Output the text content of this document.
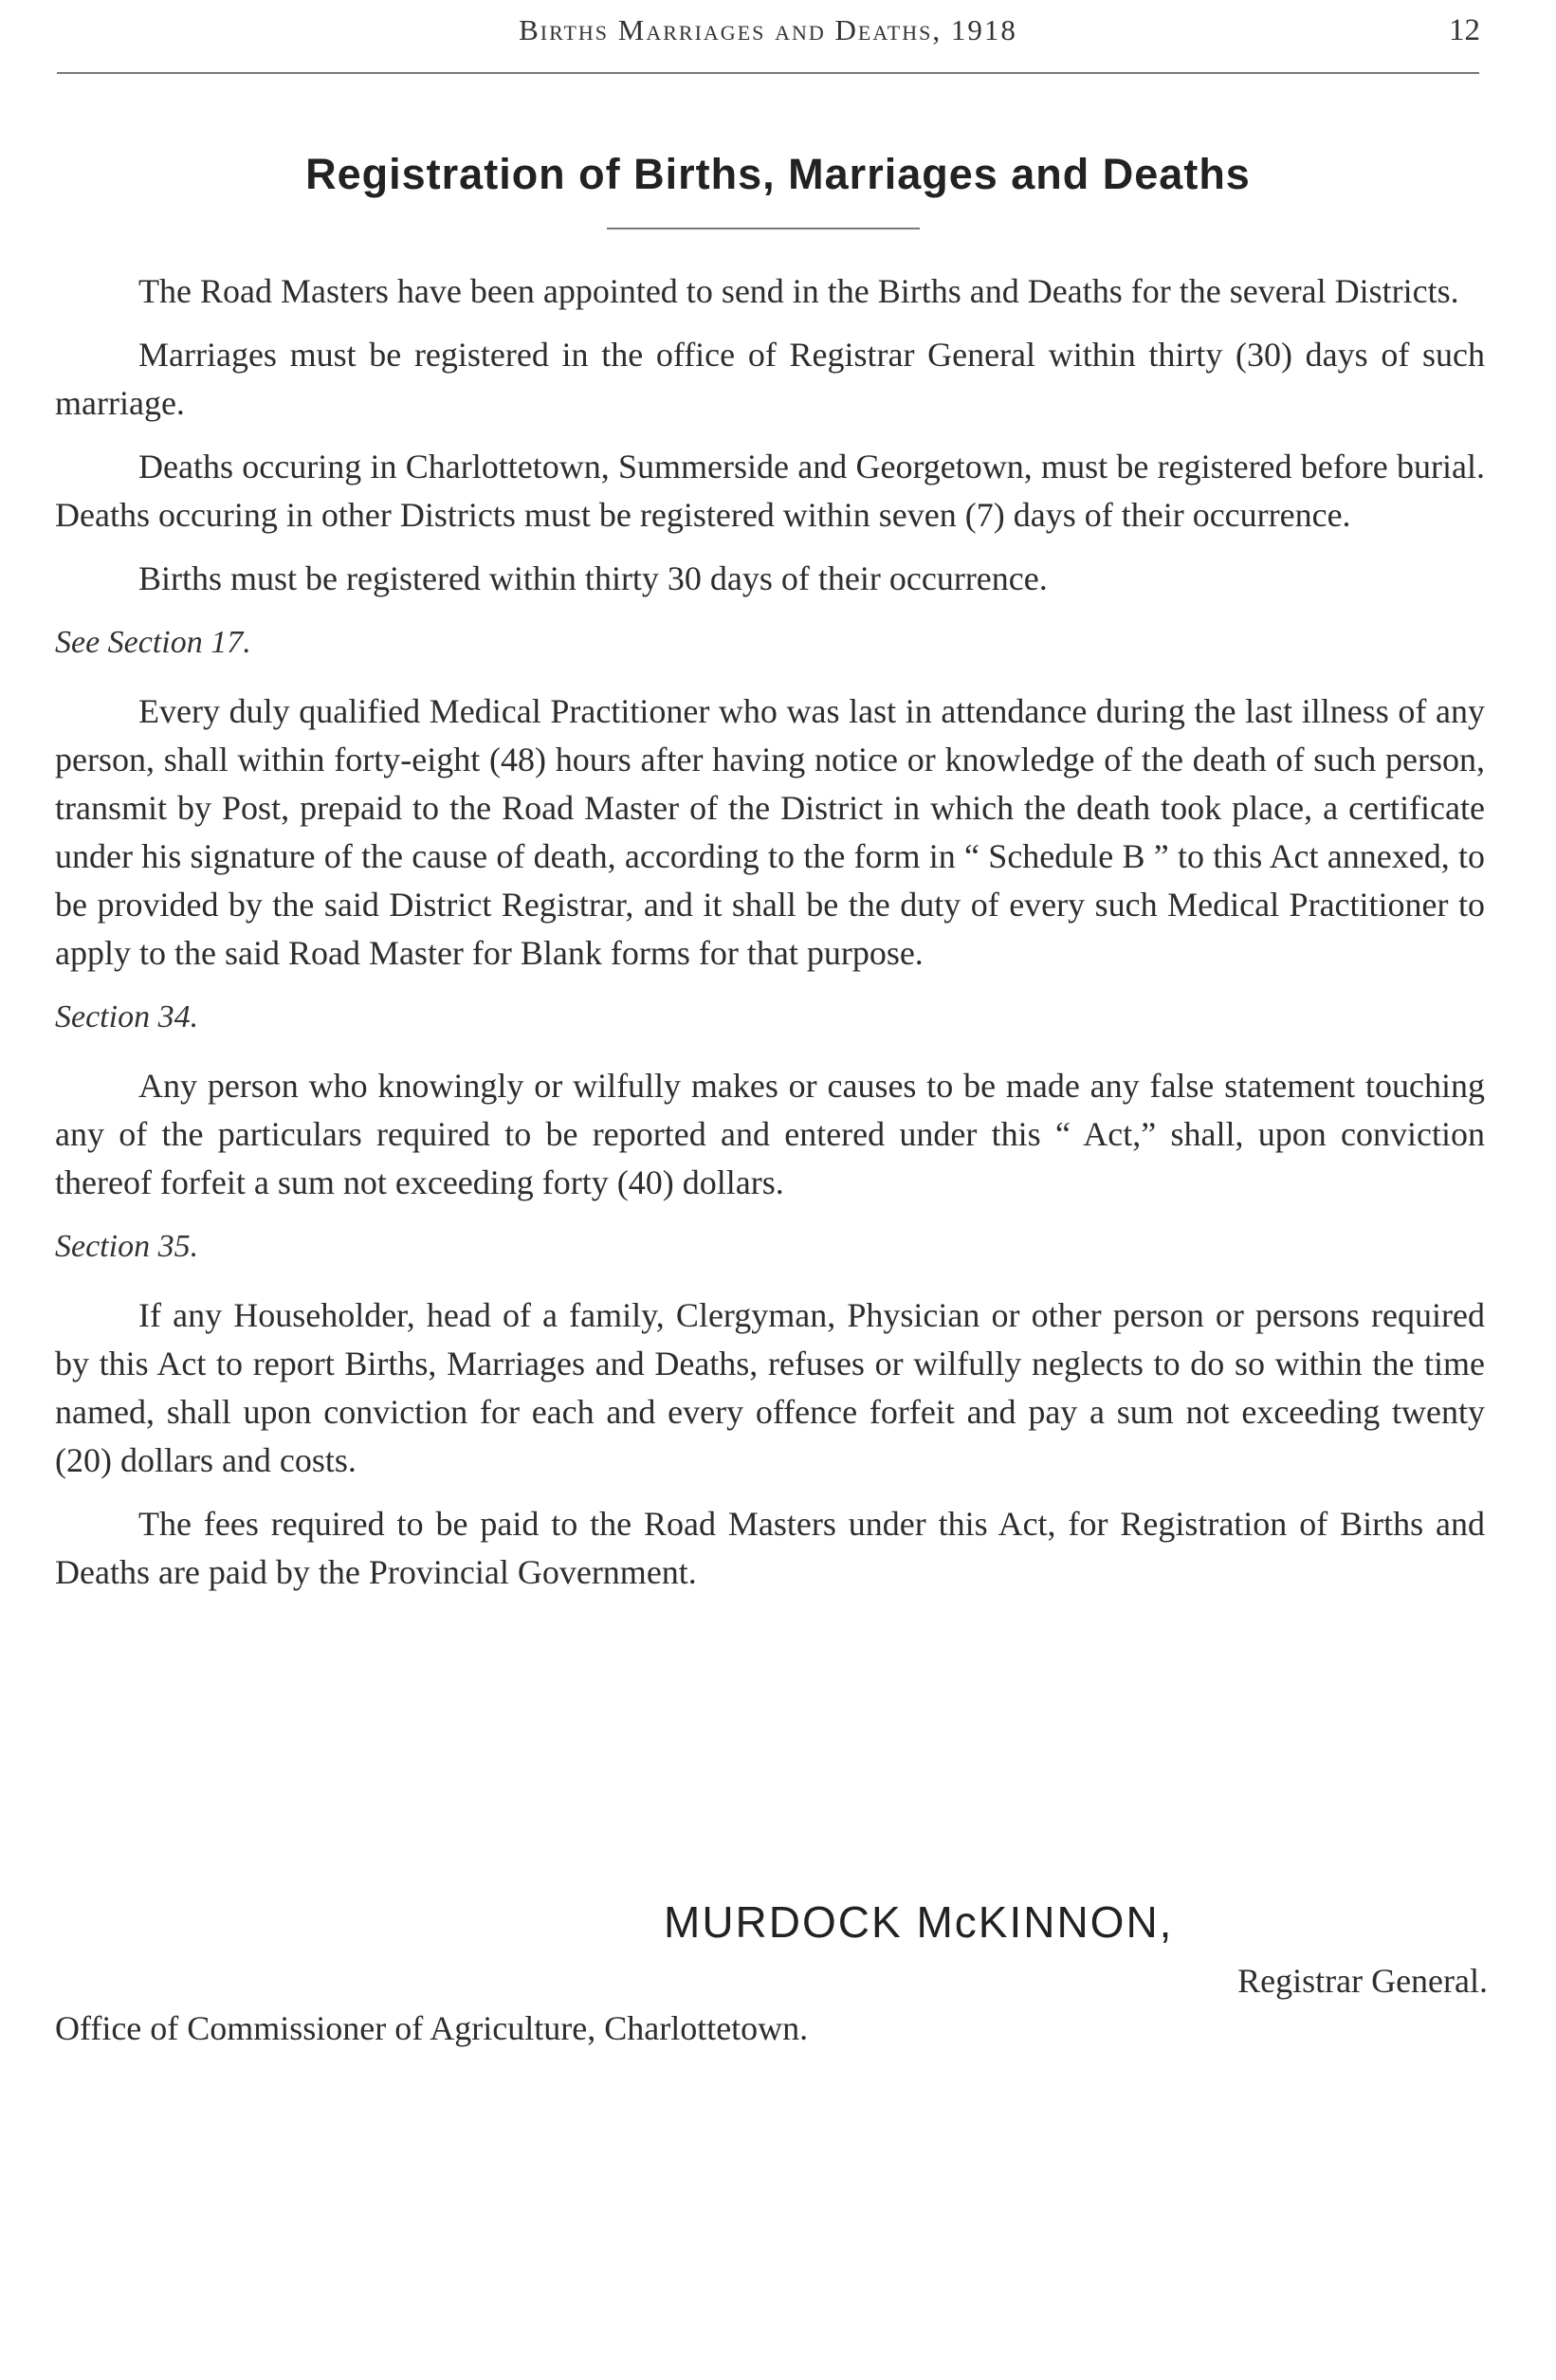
Births Marriages and Deaths, 1918	12
Registration of Births, Marriages and Deaths

The Road Masters have been appointed to send in the Births and Deaths for the several Districts.

Marriages must be registered in the office of Registrar General within thirty (30) days of such marriage.

Deaths occuring in Charlottetown, Summerside and Georgetown, must be registered before burial. Deaths occuring in other Districts must be registered within seven (7) days of their occurrence.

Births must be registered within thirty 30 days of their occurrence.

See Section 17.

Every duly qualified Medical Practitioner who was last in attendance during the last illness of any person, shall within forty-eight (48) hours after having notice or knowledge of the death of such person, transmit by Post, prepaid to the Road Master of the District in which the death took place, a certificate under his signature of the cause of death, according to the form in “ Schedule B ” to this Act annexed, to be provided by the said District Registrar, and it shall be the duty of every such Medical Practitioner to apply to the said Road Master for Blank forms for that purpose.

Section 34.

Any person who knowingly or wilfully makes or causes to be made any false statement touching any of the particulars required to be reported and entered under this “ Act,” shall, upon conviction thereof forfeit a sum not exceeding forty (40) dollars.

Section 35.

If any Householder, head of a family, Clergyman, Physician or other person or persons required by this Act to report Births, Marriages and Deaths, refuses or wilfully neglects to do so within the time named, shall upon conviction for each and every offence forfeit and pay a sum not exceeding twenty (20) dollars and costs.

The fees required to be paid to the Road Masters under this Act, for Registration of Births and Deaths are paid by the Provincial Government.

MURDOCK McKINNON,
Registrar General.
Office of Commissioner of Agriculture, Charlottetown.
